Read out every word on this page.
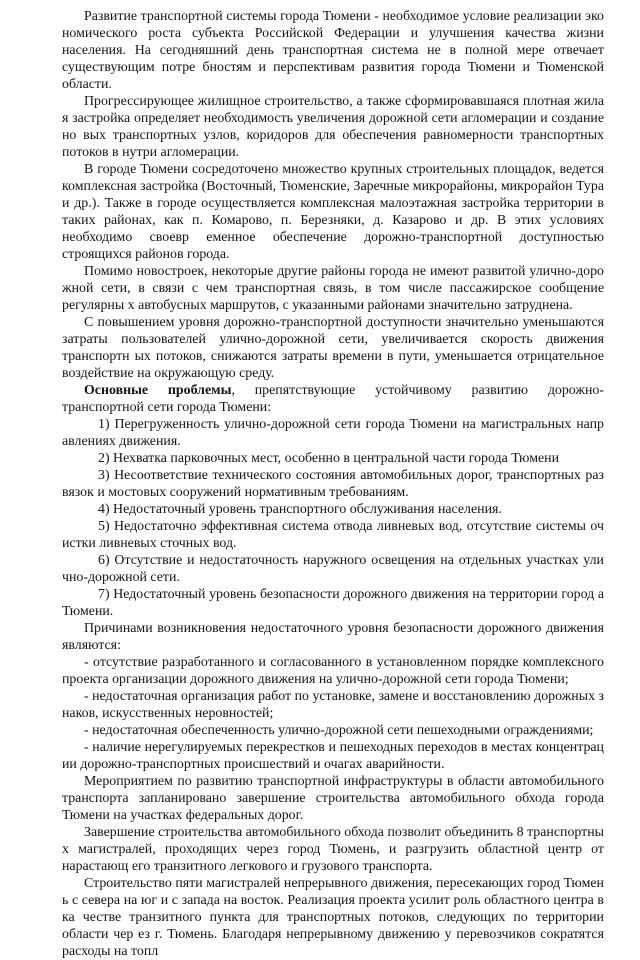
Развитие транспортной системы города Тюмени - необходимое условие реализации эко номического роста субъекта Российской Федерации и улучшения качества жизни населения. На сегодняшний день транспортная система не в полной мере отвечает существующим потре бностям и перспективам развития города Тюмени и Тюменской области.

Прогрессирующее жилищное строительство, а также сформировавшаяся плотная жила я застройка определяет необходимость увеличения дорожной сети агломерации и создание но вых транспортных узлов, коридоров для обеспечения равномерности транспортных потоков в нутри агломерации.

В городе Тюмени сосредоточено множество крупных строительных площадок, ведется комплексная застройка (Восточный, Тюменские, Заречные микрорайоны, микрорайон Тура и др.). Также в городе осуществляется комплексная малоэтажная застройка территории в таких районах, как п. Комарово, п. Березняки, д. Казарово и др. В этих условиях необходимо своевр еменное обеспечение дорожно-транспортной доступностью строящихся районов города.

Помимо новостроек, некоторые другие районы города не имеют развитой улично-доро жной сети, в связи с чем транспортная связь, в том числе пассажирское сообщение регулярны х автобусных маршрутов, с указанными районами значительно затруднена.

С повышением уровня дорожно-транспортной доступности значительно уменьшаются затраты пользователей улично-дорожной сети, увеличивается скорость движения транспортн ых потоков, снижаются затраты времени в пути, уменьшается отрицательное воздействие на окружающую среду.

Основные проблемы, препятствующие устойчивому развитию дорожно-транспортной сети города Тюмени:

1) Перегруженность улично-дорожной сети города Тюмени на магистральных напр авлениях движения.

2) Нехватка парковочных мест, особенно в центральной части города Тюмени

3) Несоответствие технического состояния автомобильных дорог, транспортных раз вязок и мостовых сооружений нормативным требованиям.

4) Недостаточный уровень транспортного обслуживания населения.

5) Недостаточно эффективная система отвода ливневых вод, отсутствие системы оч истки ливневых сточных вод.

6) Отсутствие и недостаточность наружного освещения на отдельных участках ули чно-дорожной сети.

7) Недостаточный уровень безопасности дорожного движения на территории город а Тюмени.

Причинами возникновения недостаточного уровня безопасности дорожного движения являются:

- отсутствие разработанного и согласованного в установленном порядке комплексного проекта организации дорожного движения на улично-дорожной сети города Тюмени;

- недостаточная организация работ по установке, замене и восстановлению дорожных з наков, искусственных неровностей;

- недостаточная обеспеченность улично-дорожной сети пешеходными ограждениями;

- наличие нерегулируемых перекрестков и пешеходных переходов в местах концентрац ии дорожно-транспортных происшествий и очагах аварийности.

Мероприятием по развитию транспортной инфраструктуры в области автомобильного транспорта запланировано завершение строительства автомобильного обхода города Тюмени на участках федеральных дорог.

Завершение строительства автомобильного обхода позволит объединить 8 транспортны х магистралей, проходящих через город Тюмень, и разгрузить областной центр от нарастающ его транзитного легкового и грузового транспорта.

Строительство пяти магистралей непрерывного движения, пересекающих город Тюмен ь с севера на юг и с запада на восток. Реализация проекта усилит роль областного центра в ка честве транзитного пункта для транспортных потоков, следующих по территории области чер ез г. Тюмень. Благодаря непрерывному движению у перевозчиков сократятся расходы на топл
